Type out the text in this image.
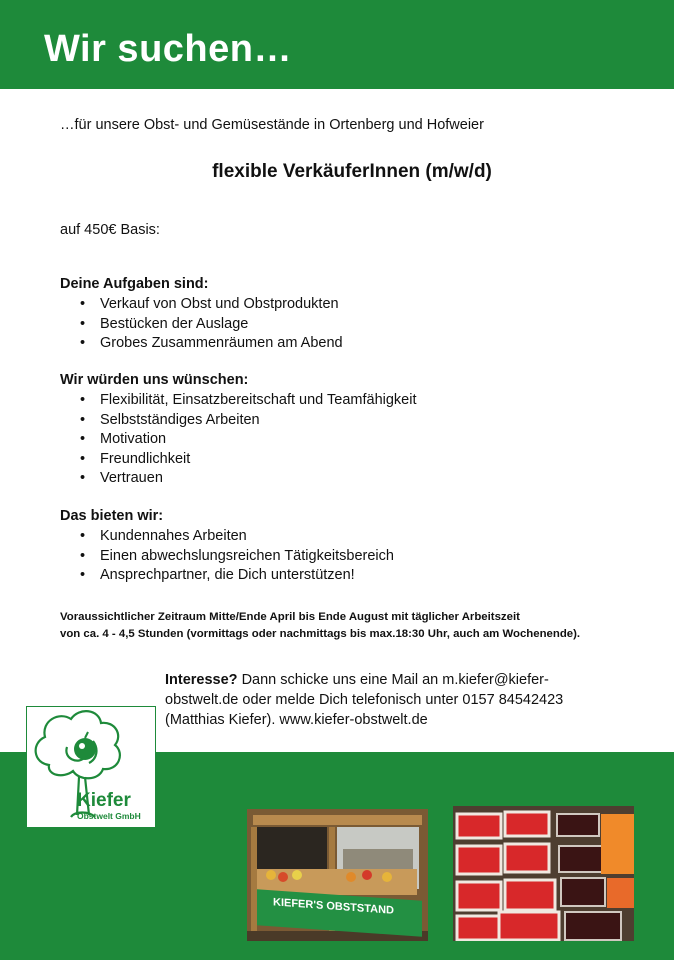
Wir suchen…
…für unsere Obst- und Gemüsestände in Ortenberg und Hofweier
flexible VerkäuferInnen (m/w/d)
auf 450€ Basis:
Deine Aufgaben sind:
• Verkauf von Obst und Obstprodukten
• Bestücken der Auslage
• Grobes Zusammenräumen am Abend
Wir würden uns wünschen:
• Flexibilität, Einsatzbereitschaft und Teamfähigkeit
• Selbstständiges Arbeiten
• Motivation
• Freundlichkeit
• Vertrauen
Das bieten wir:
• Kundennahes Arbeiten
• Einen abwechslungsreichen Tätigkeitsbereich
• Ansprechpartner, die Dich unterstützen!
Voraussichtlicher Zeitraum Mitte/Ende April bis Ende August mit täglicher Arbeitszeit
von ca. 4 - 4,5 Stunden (vormittags oder nachmittags bis max.18:30 Uhr, auch am Wochenende).
Interesse? Dann schicke uns eine Mail an m.kiefer@kiefer-
obstwelt.de oder melde Dich telefonisch unter 0157 84542423
(Matthias Kiefer). www.kiefer-obstwelt.de
Kiefer
Obstwelt GmbH
KIEFER'S OBSTSTAND
